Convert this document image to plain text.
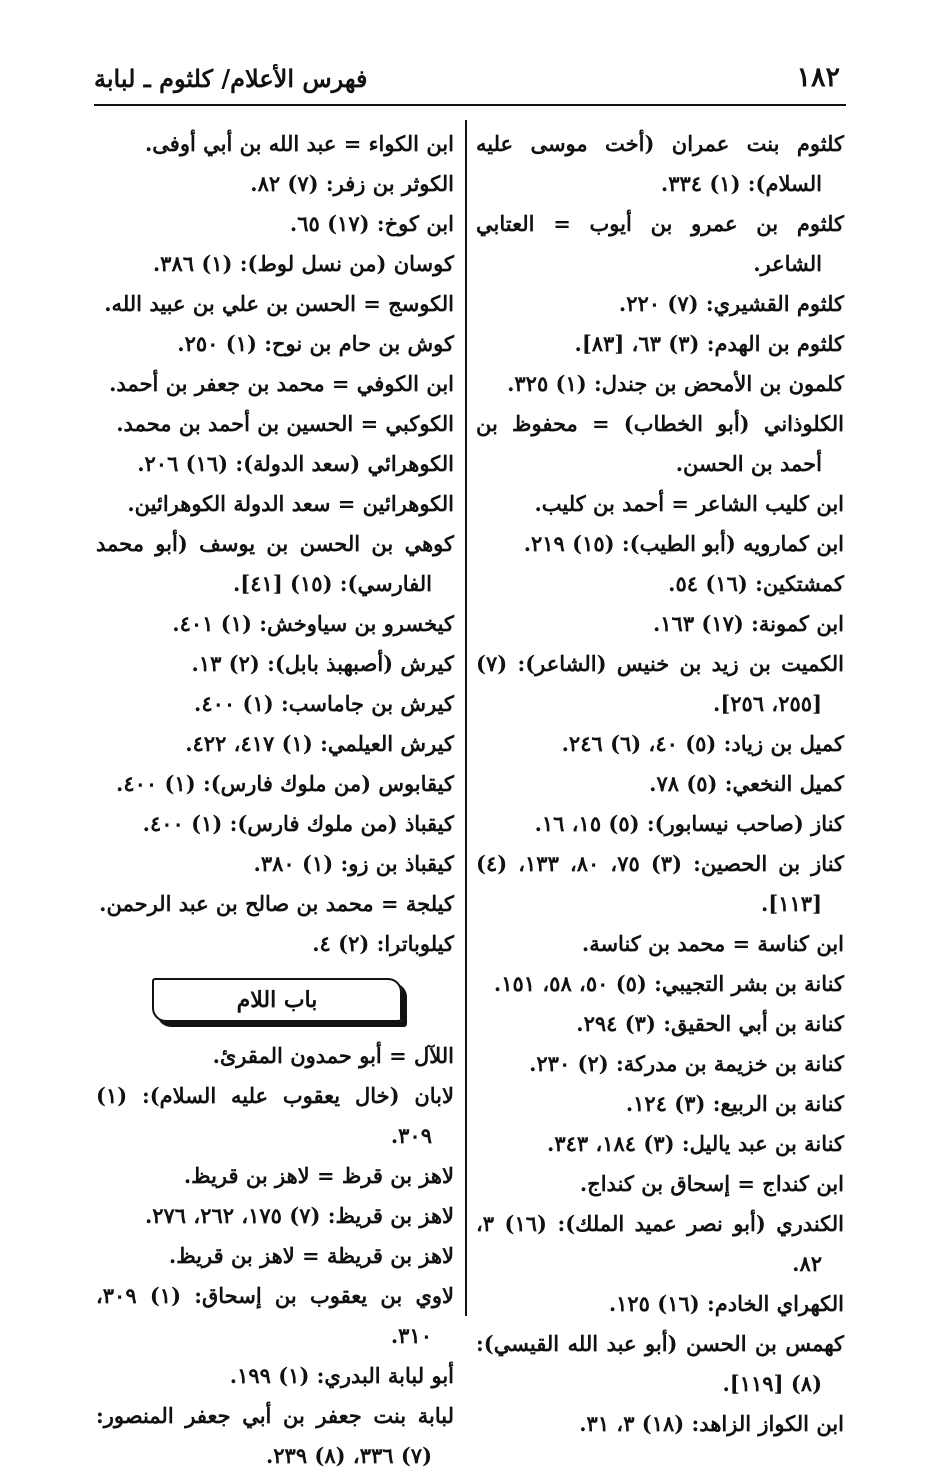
فهرس الأعلام/ كلثوم ـ لبابة	١٨٢
كلثوم بنت عمران (أخت موسى عليه السلام): (١) ٣٣٤.
كلثوم بن عمرو بن أيوب = العتابي الشاعر.
كلثوم القشيري: (٧) ٢٢٠.
كلثوم بن الهدم: (٣) ٦٣، [٨٣].
كلمون بن الأمحض بن جندل: (١) ٣٢٥.
الكلوذاني (أبو الخطاب) = محفوظ بن أحمد بن الحسن.
ابن كليب الشاعر = أحمد بن كليب.
ابن كمارويه (أبو الطيب): (١٥) ٢١٩.
كمشتكين: (١٦) ٥٤.
ابن كمونة: (١٧) ١٦٣.
الكميت بن زيد بن خنيس (الشاعر): (٧) [٢٥٥، ٢٥٦].
كميل بن زياد: (٥) ٤٠، (٦) ٢٤٦.
كميل النخعي: (٥) ٧٨.
كناز (صاحب نيسابور): (٥) ١٥، ١٦.
كناز بن الحصين: (٣) ٧٥، ٨٠، ١٣٣، (٤) [١١٣].
ابن كناسة = محمد بن كناسة.
كنانة بن بشر التجيبي: (٥) ٥٠، ٥٨، ١٥١.
كنانة بن أبي الحقيق: (٣) ٢٩٤.
كنانة بن خزيمة بن مدركة: (٢) ٢٣٠.
كنانة بن الربيع: (٣) ١٢٤.
كنانة بن عبد ياليل: (٣) ١٨٤، ٣٤٣.
ابن كنداج = إسحاق بن كنداج.
الكندري (أبو نصر عميد الملك): (١٦) ٣، ٨٢.
الكهراي الخادم: (١٦) ١٢٥.
كهمس بن الحسن (أبو عبد الله القيسي): (٨) [١١٩].
ابن الكواز الزاهد: (١٨) ٣، ٣١.
ابن الكواء = عبد الله بن أبي أوفى.
الكوثر بن زفر: (٧) ٨٢.
ابن كوخ: (١٧) ٦٥.
كوسان (من نسل لوط): (١) ٣٨٦.
الكوسج = الحسن بن علي بن عبيد الله.
كوش بن حام بن نوح: (١) ٢٥٠.
ابن الكوفي = محمد بن جعفر بن أحمد.
الكوكبي = الحسين بن أحمد بن محمد.
الكوهرائي (سعد الدولة): (١٦) ٢٠٦.
الكوهرائين = سعد الدولة الكوهرائين.
كوهي بن الحسن بن يوسف (أبو محمد الفارسي): (١٥) [٤١].
كيخسرو بن سياوخش: (١) ٤٠١.
كيرش (أصبهبذ بابل): (٢) ١٣.
كيرش بن جاماسب: (١) ٤٠٠.
كيرش العيلمي: (١) ٤١٧، ٤٢٢.
كيقابوس (من ملوك فارس): (١) ٤٠٠.
كيقباذ (من ملوك فارس): (١) ٤٠٠.
كيقباذ بن زو: (١) ٣٨٠.
كيلجة = محمد بن صالح بن عبد الرحمن.
كيلوباترا: (٢) ٤.
باب اللام
اللآل = أبو حمدون المقرئ.
لابان (خال يعقوب عليه السلام): (١) ٣٠٩.
لاهز بن قرظ = لاهز بن قريظ.
لاهز بن قريظ: (٧) ١٧٥، ٢٦٢، ٢٧٦.
لاهز بن قريظة = لاهز بن قريظ.
لاوي بن يعقوب بن إسحاق: (١) ٣٠٩، ٣١٠.
أبو لبابة البدري: (١) ١٩٩.
لبابة بنت جعفر بن أبي جعفر المنصور: (٧) ٣٣٦، (٨) ٢٣٩.
